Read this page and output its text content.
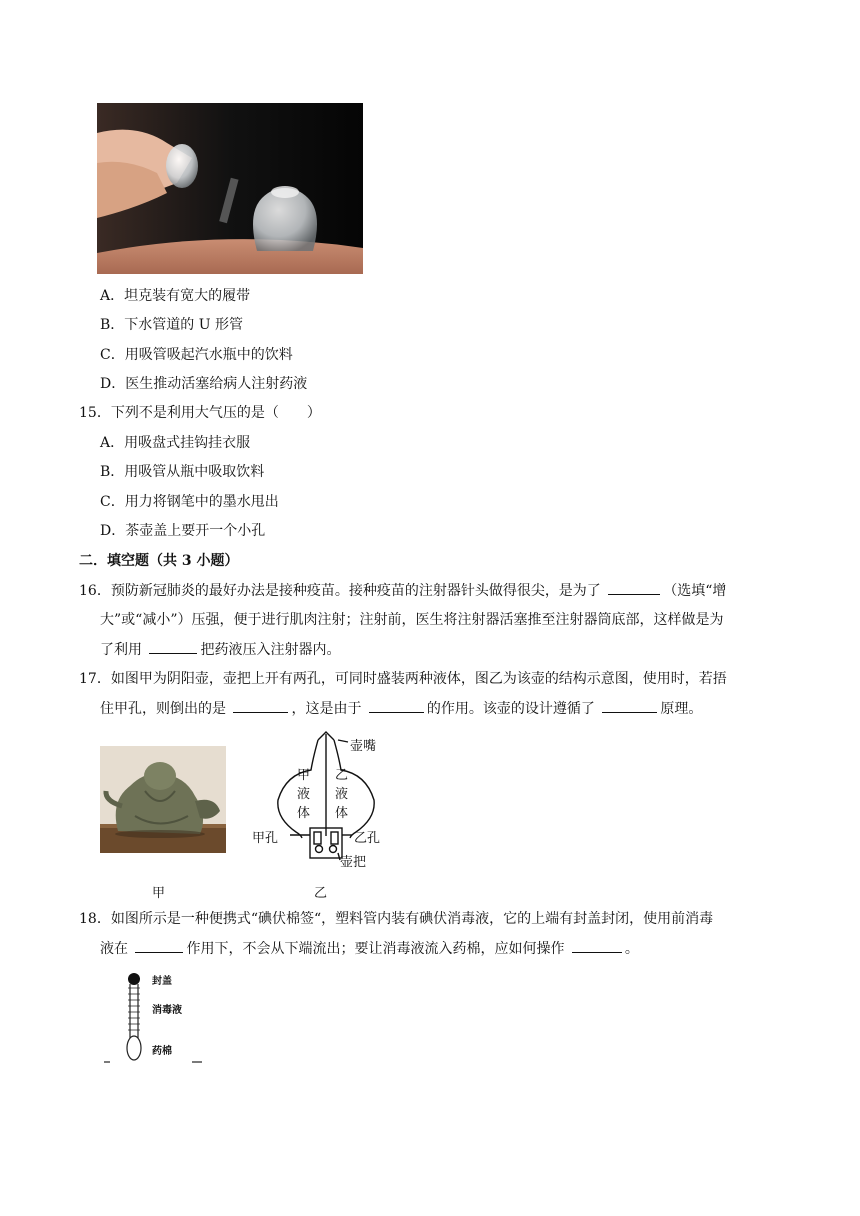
A．坦克装有宽大的履带
B．下水管道的 U 形管
C．用吸管吸起汽水瓶中的饮料
D．医生推动活塞给病人注射药液
15．下列不是利用大气压的是（　　）
A．用吸盘式挂钩挂衣服
B．用吸管从瓶中吸取饮料
C．用力将钢笔中的墨水甩出
D．茶壶盖上要开一个小孔
二．填空题（共 3 小题）
16．预防新冠肺炎的最好办法是接种疫苗。接种疫苗的注射器针头做得很尖，是为了	（选填“增
大”或“减小”）压强，便于进行肌肉注射；注射前，医生将注射器活塞推至注射器筒底部，这样做是为
了利用	把药液压入注射器内。
17．如图甲为阴阳壶，壶把上开有两孔，可同时盛装两种液体，图乙为该壶的结构示意图，使用时，若捂
住甲孔，则倒出的是	，这是由于	的作用。该壶的设计遵循了	原理。
甲
壶嘴
甲
液
体
乙
液
体
甲孔	乙孔
壶把
乙
18．如图所示是一种便携式“碘伏棉签“，塑料管内装有碘伏消毒液，它的上端有封盖封闭，使用前消毒
液在	作用下，不会从下端流出；要让消毒液流入药棉，应如何操作	。
封盖
消毒液
药棉
